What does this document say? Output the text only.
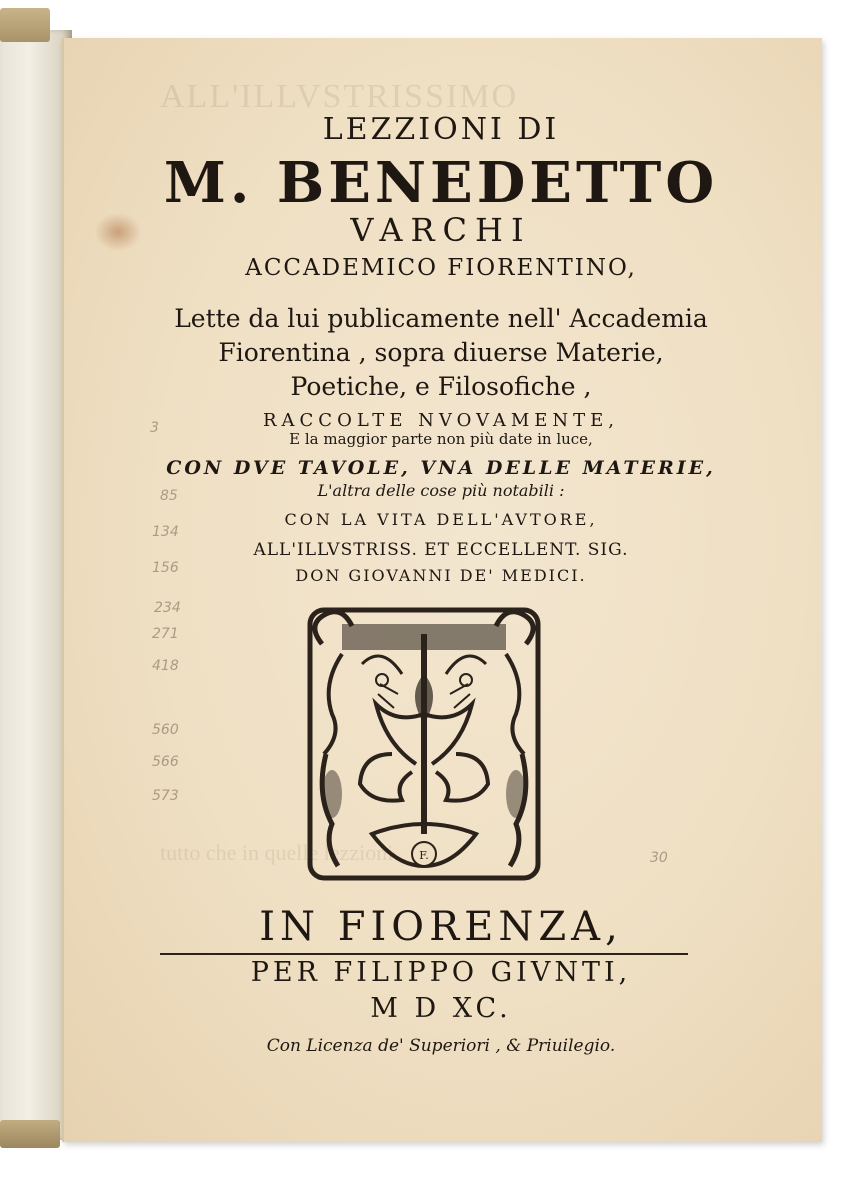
ALL'ILLVSTRISSIMO
tutto che in quelle lezzioni
3
85
134
156
234
271
418
560
566
573
30
LEZZIONI DI
M. BENEDETTO
VARCHI
ACCADEMICO FIORENTINO,
Lette da lui publicamente nell' Accademia
Fiorentina , sopra diuerse Materie,
Poetiche, e Filosofiche ,
RACCOLTE NVOVAMENTE,
E la maggior parte non più date in luce,
CON DVE TAVOLE, VNA DELLE MATERIE,
L'altra delle cose più notabili :
CON LA VITA DELL'AVTORE,
ALL'ILLVSTRISS. ET ECCELLENT. SIG.
DON GIOVANNI DE' MEDICI.
F.
IN FIORENZA,
PER FILIPPO GIVNTI,
M D XC.
Con Licenza de' Superiori , & Priuilegio.
